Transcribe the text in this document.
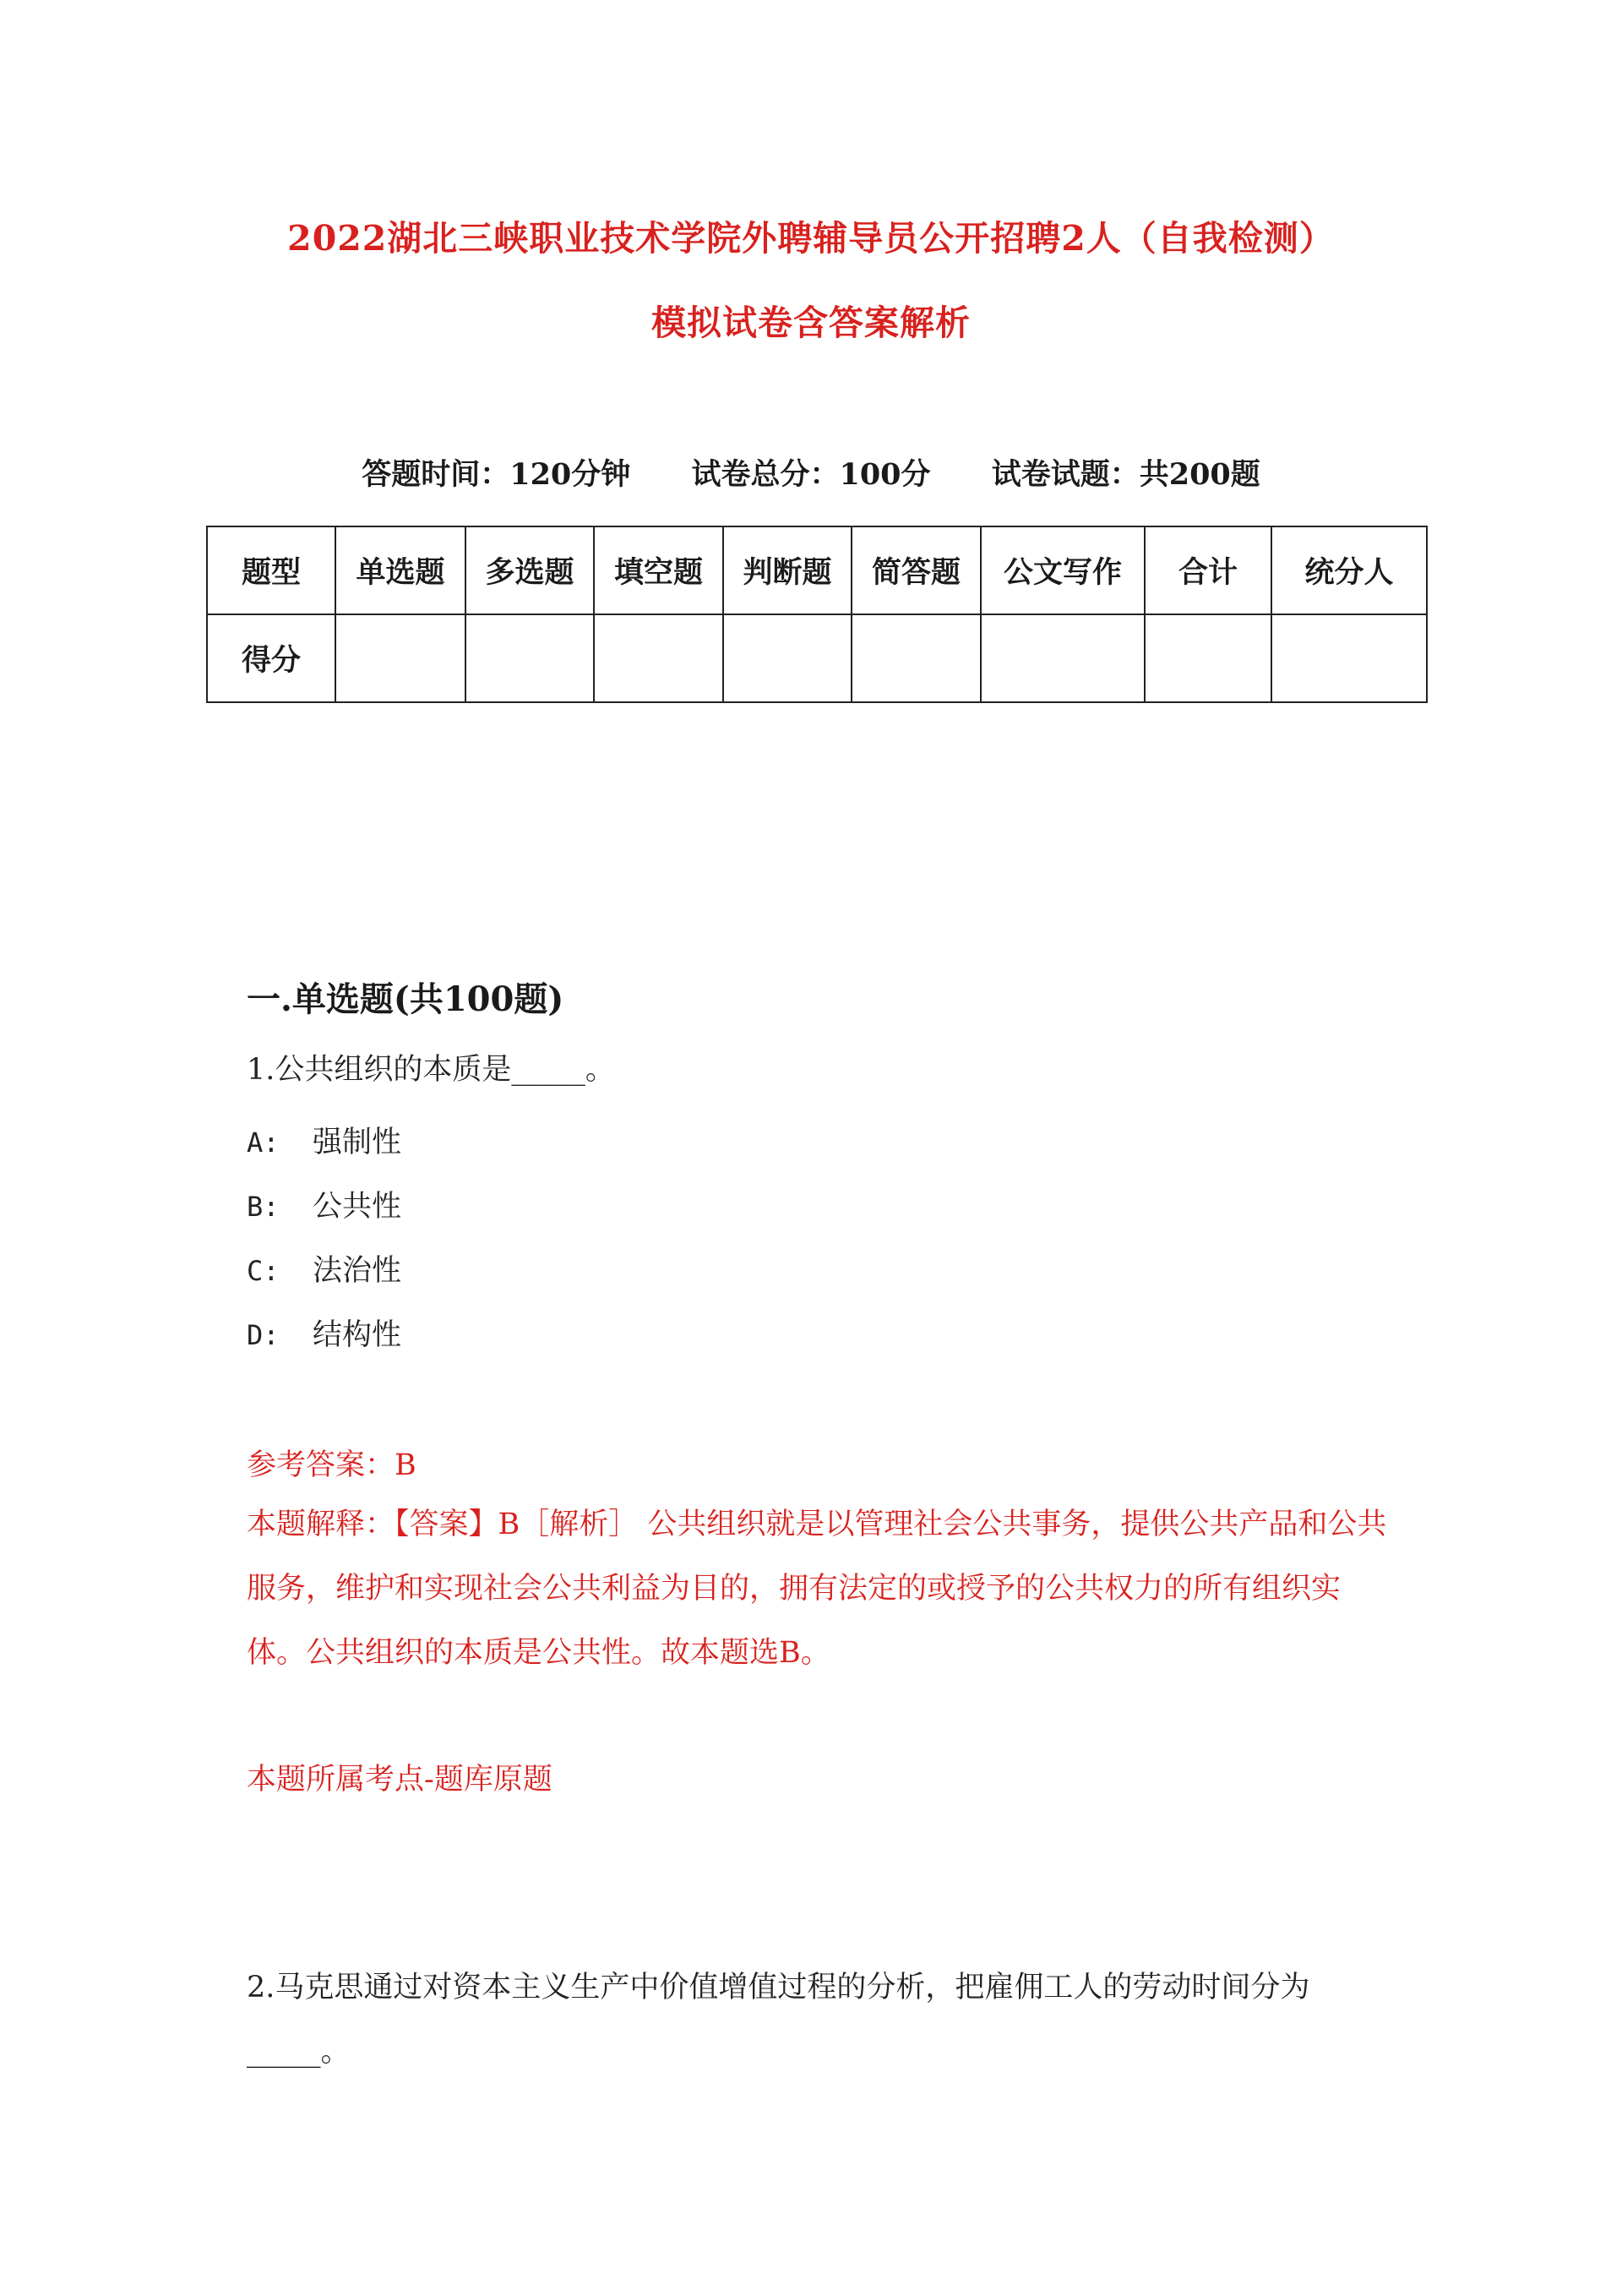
2022湖北三峡职业技术学院外聘辅导员公开招聘2人（自我检测）
模拟试卷含答案解析
答题时间：120分钟 试卷总分：100分 试卷试题：共200题
题型	单选题	多选题	填空题	判断题	简答题	公文写作	合计	统分人
得分								
一.单选题(共100题)
1.公共组织的本质是_____。
A: 强制性
B: 公共性
C: 法治性
D: 结构性
参考答案：B
本题解释：【答案】B［解析］ 公共组织就是以管理社会公共事务，提供公共产品和公共服务，维护和实现社会公共利益为目的，拥有法定的或授予的公共权力的所有组织实体。公共组织的本质是公共性。故本题选B。
本题所属考点-题库原题
2.马克思通过对资本主义生产中价值增值过程的分析，把雇佣工人的劳动时间分为_____。
